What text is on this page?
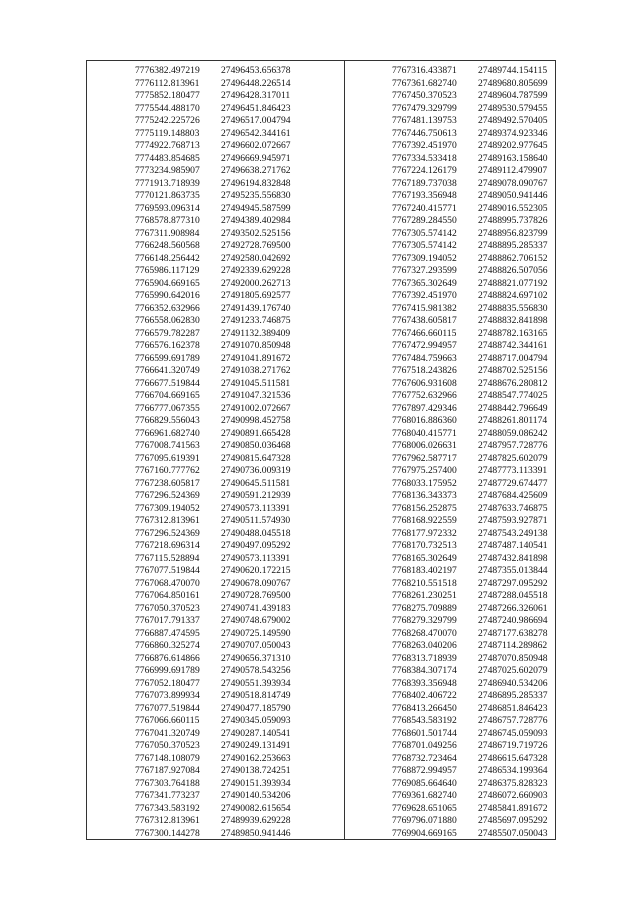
7776382.497219	27496453.656378
7776112.813961	27496448.226514
7775852.180477	27496428.317011
7775544.488170	27496451.846423
7775242.225726	27496517.004794
7775119.148803	27496542.344161
7774922.768713	27496602.072667
7774483.854685	27496669.945971
7773234.985907	27496638.271762
7771913.718939	27496194.832848
7770121.863735	27495235.556830
7769593.096314	27494945.587599
7768578.877310	27494389.402984
7767311.908984	27493502.525156
7766248.560568	27492728.769500
7766148.256442	27492580.042692
7765986.117129	27492339.629228
7765904.669165	27492000.262713
7765990.642016	27491805.692577
7766352.632966	27491439.176740
7766558.062830	27491233.746875
7766579.782287	27491132.389409
7766576.162378	27491070.850948
7766599.691789	27491041.891672
7766641.320749	27491038.271762
7766677.519844	27491045.511581
7766704.669165	27491047.321536
7766777.067355	27491002.072667
7766829.556043	27490998.452758
7766961.682740	27490891.665428
7767008.741563	27490850.036468
7767095.619391	27490815.647328
7767160.777762	27490736.009319
7767238.605817	27490645.511581
7767296.524369	27490591.212939
7767309.194052	27490573.113391
7767312.813961	27490511.574930
7767296.524369	27490488.045518
7767218.696314	27490497.095292
7767115.528894	27490573.113391
7767077.519844	27490620.172215
7767068.470070	27490678.090767
7767064.850161	27490728.769500
7767050.370523	27490741.439183
7767017.791337	27490748.679002
7766887.474595	27490725.149590
7766860.325274	27490707.050043
7766876.614866	27490656.371310
7766999.691789	27490578.543256
7767052.180477	27490551.393934
7767073.899934	27490518.814749
7767077.519844	27490477.185790
7767066.660115	27490345.059093
7767041.320749	27490287.140541
7767050.370523	27490249.131491
7767148.108079	27490162.253663
7767187.927084	27490138.724251
7767303.764188	27490151.393934
7767341.773237	27490140.534206
7767343.583192	27490082.615654
7767312.813961	27489939.629228
7767300.144278	27489850.941446
7767316.433871	27489744.154115
7767361.682740	27489680.805699
7767450.370523	27489604.787599
7767479.329799	27489530.579455
7767481.139753	27489492.570405
7767446.750613	27489374.923346
7767392.451970	27489202.977645
7767334.533418	27489163.158640
7767224.126179	27489112.479907
7767189.737038	27489078.090767
7767193.356948	27489050.941446
7767240.415771	27489016.552305
7767289.284550	27488995.737826
7767305.574142	27488956.823799
7767305.574142	27488895.285337
7767309.194052	27488862.706152
7767327.293599	27488826.507056
7767365.302649	27488821.077192
7767392.451970	27488824.697102
7767415.981382	27488835.556830
7767438.605817	27488832.841898
7767466.660115	27488782.163165
7767472.994957	27488742.344161
7767484.759663	27488717.004794
7767518.243826	27488702.525156
7767606.931608	27488676.280812
7767752.632966	27488547.774025
7767897.429346	27488442.796649
7768016.886360	27488261.801174
7768040.415771	27488059.086242
7768006.026631	27487957.728776
7767962.587717	27487825.602079
7767975.257400	27487773.113391
7768033.175952	27487729.674477
7768136.343373	27487684.425609
7768156.252875	27487633.746875
7768168.922559	27487593.927871
7768177.972332	27487543.249138
7768170.732513	27487487.140541
7768165.302649	27487432.841898
7768183.402197	27487355.013844
7768210.551518	27487297.095292
7768261.230251	27487288.045518
7768275.709889	27487266.326061
7768279.329799	27487240.986694
7768268.470070	27487177.638278
7768263.040206	27487114.289862
7768313.718939	27487070.850948
7768384.307174	27487025.602079
7768393.356948	27486940.534206
7768402.406722	27486895.285337
7768413.266450	27486851.846423
7768543.583192	27486757.728776
7768601.501744	27486745.059093
7768701.049256	27486719.719726
7768732.723464	27486615.647328
7768872.994957	27486534.199364
7769085.664640	27486375.828323
7769361.682740	27486072.660903
7769628.651065	27485841.891672
7769796.071880	27485697.095292
7769904.669165	27485507.050043
